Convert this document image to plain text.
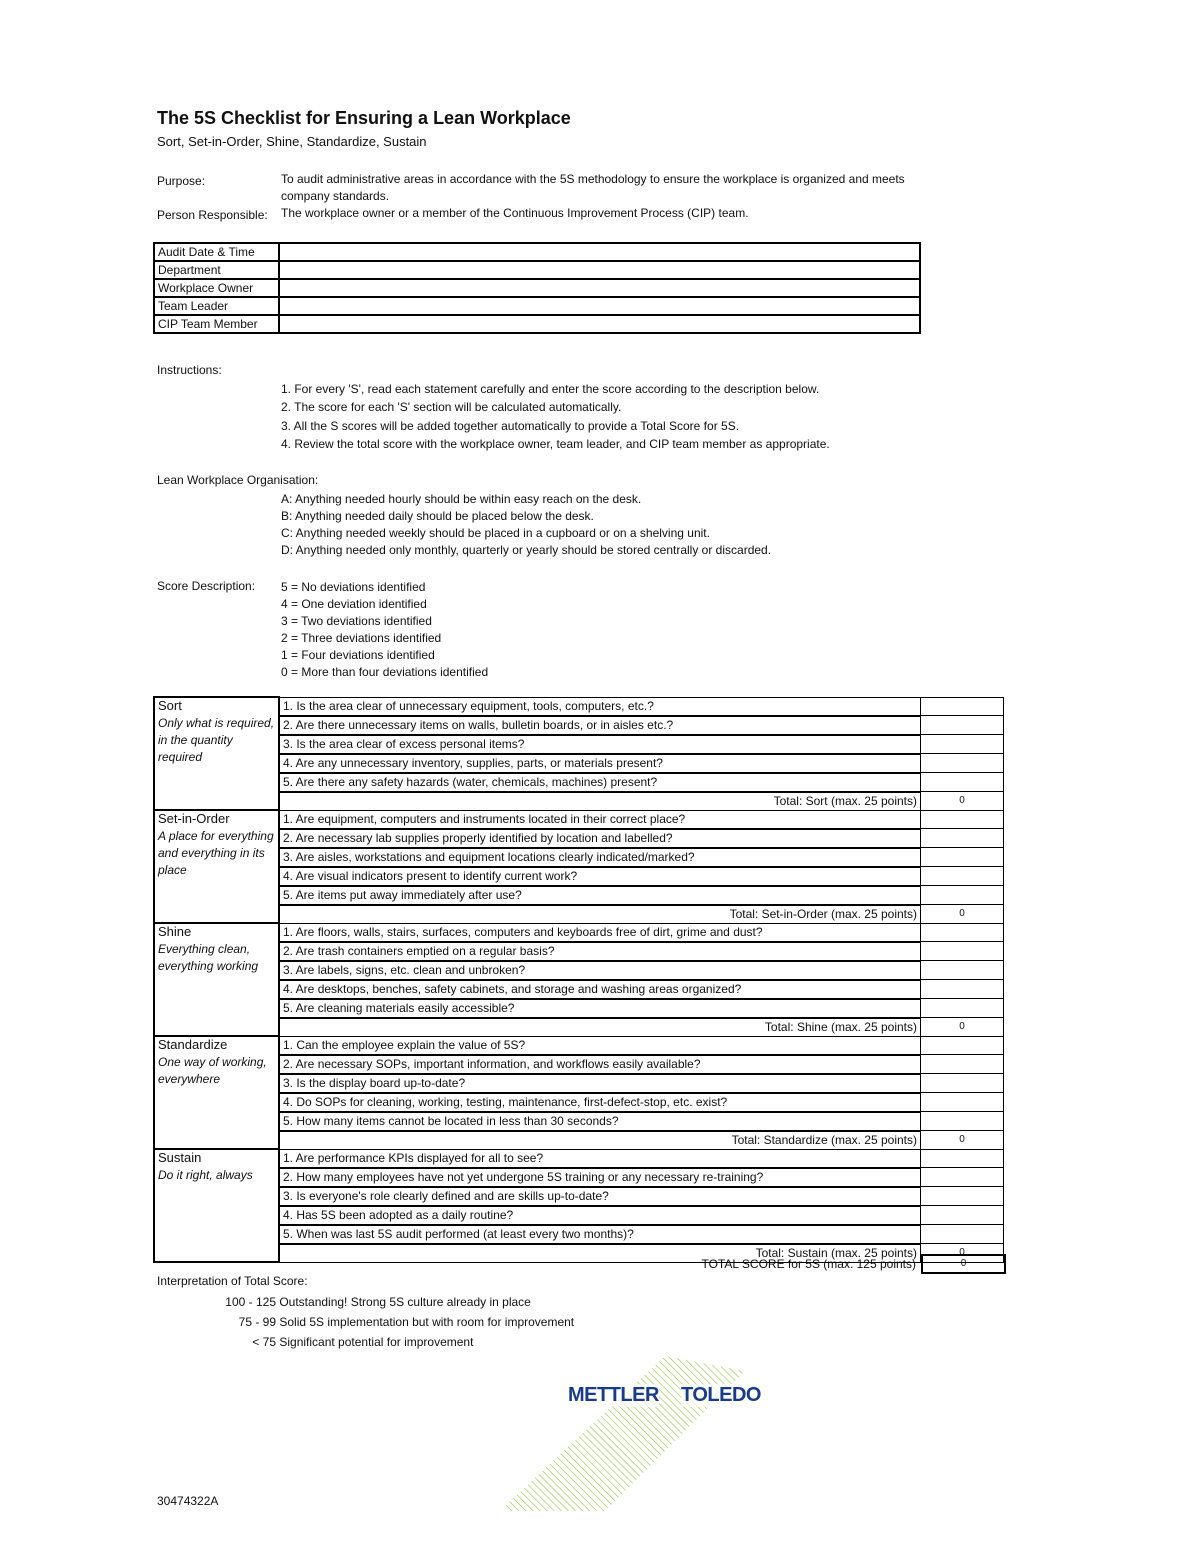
The 5S Checklist for Ensuring a Lean Workplace
Sort, Set-in-Order, Shine, Standardize, Sustain
Purpose:	To audit administrative areas in accordance with the 5S methodology to ensure the workplace is organized and meets company standards.
Person Responsible: The workplace owner or a member of the Continuous Improvement Process (CIP) team.
Audit Date & Time	
Department	
Workplace Owner	
Team Leader	
CIP Team Member	
Instructions:
1. For every 'S', read each statement carefully and enter the score according to the description below.
2. The score for each 'S' section will be calculated automatically.
3. All the S scores will be added together automatically to provide a Total Score for 5S.
4. Review the total score with the workplace owner, team leader, and CIP team member as appropriate.
Lean Workplace Organisation:
A: Anything needed hourly should be within easy reach on the desk.
B: Anything needed daily should be placed below the desk.
C: Anything needed weekly should be placed in a cupboard or on a shelving unit.
D: Anything needed only monthly, quarterly or yearly should be stored centrally or discarded.
Score Description: 5 = No deviations identified
4 = One deviation identified
3 = Two deviations identified
2 = Three deviations identified
1 = Four deviations identified
0 = More than four deviations identified
Sort
Only what is required, in the quantity required	1. Is the area clear of unnecessary equipment, tools, computers, etc.?	
	2. Are there unnecessary items on walls, bulletin boards, or in aisles etc.?	
	3. Is the area clear of excess personal items?	
	4. Are any unnecessary inventory, supplies, parts, or materials present?	
	5. Are there any safety hazards (water, chemicals, machines) present?	
	Total: Sort (max. 25 points)	0

Set-in-Order
A place for everything and everything in its place	1. Are equipment, computers and instruments located in their correct place?	
	2. Are necessary lab supplies properly identified by location and labelled?	
	3. Are aisles, workstations and equipment locations clearly indicated/marked?	
	4. Are visual indicators present to identify current work?	
	5. Are items put away immediately after use?	
	Total: Set-in-Order (max. 25 points)	0

Shine
Everything clean, everything working	1. Are floors, walls, stairs, surfaces, computers and keyboards free of dirt, grime and dust?	
	2. Are trash containers emptied on a regular basis?	
	3. Are labels, signs, etc. clean and unbroken?	
	4. Are desktops, benches, safety cabinets, and storage and washing areas organized?	
	5. Are cleaning materials easily accessible?	
	Total: Shine (max. 25 points)	0

Standardize
One way of working, everywhere	1. Can the employee explain the value of 5S?	
	2. Are necessary SOPs, important information, and workflows easily available?	
	3. Is the display board up-to-date?	
	4. Do SOPs for cleaning, working, testing, maintenance, first-defect-stop, etc. exist?	
	5. How many items cannot be located in less than 30 seconds?	
	Total: Standardize (max. 25 points)	0

Sustain
Do it right, always	1. Are performance KPIs displayed for all to see?	
	2. How many employees have not yet undergone 5S training or any necessary re-training?	
	3. Is everyone's role clearly defined and are skills up-to-date?	
	4. Has 5S been adopted as a daily routine?	
	5. When was last 5S audit performed (at least every two months)?	
	Total: Sustain (max. 25 points)	0
TOTAL SCORE for 5S (max. 125 points)	0
Interpretation of Total Score:
100 - 125 Outstanding! Strong 5S culture already in place
75 - 99 Solid 5S implementation but with room for improvement
< 75 Significant potential for improvement
METTLER TOLEDO
30474322A
